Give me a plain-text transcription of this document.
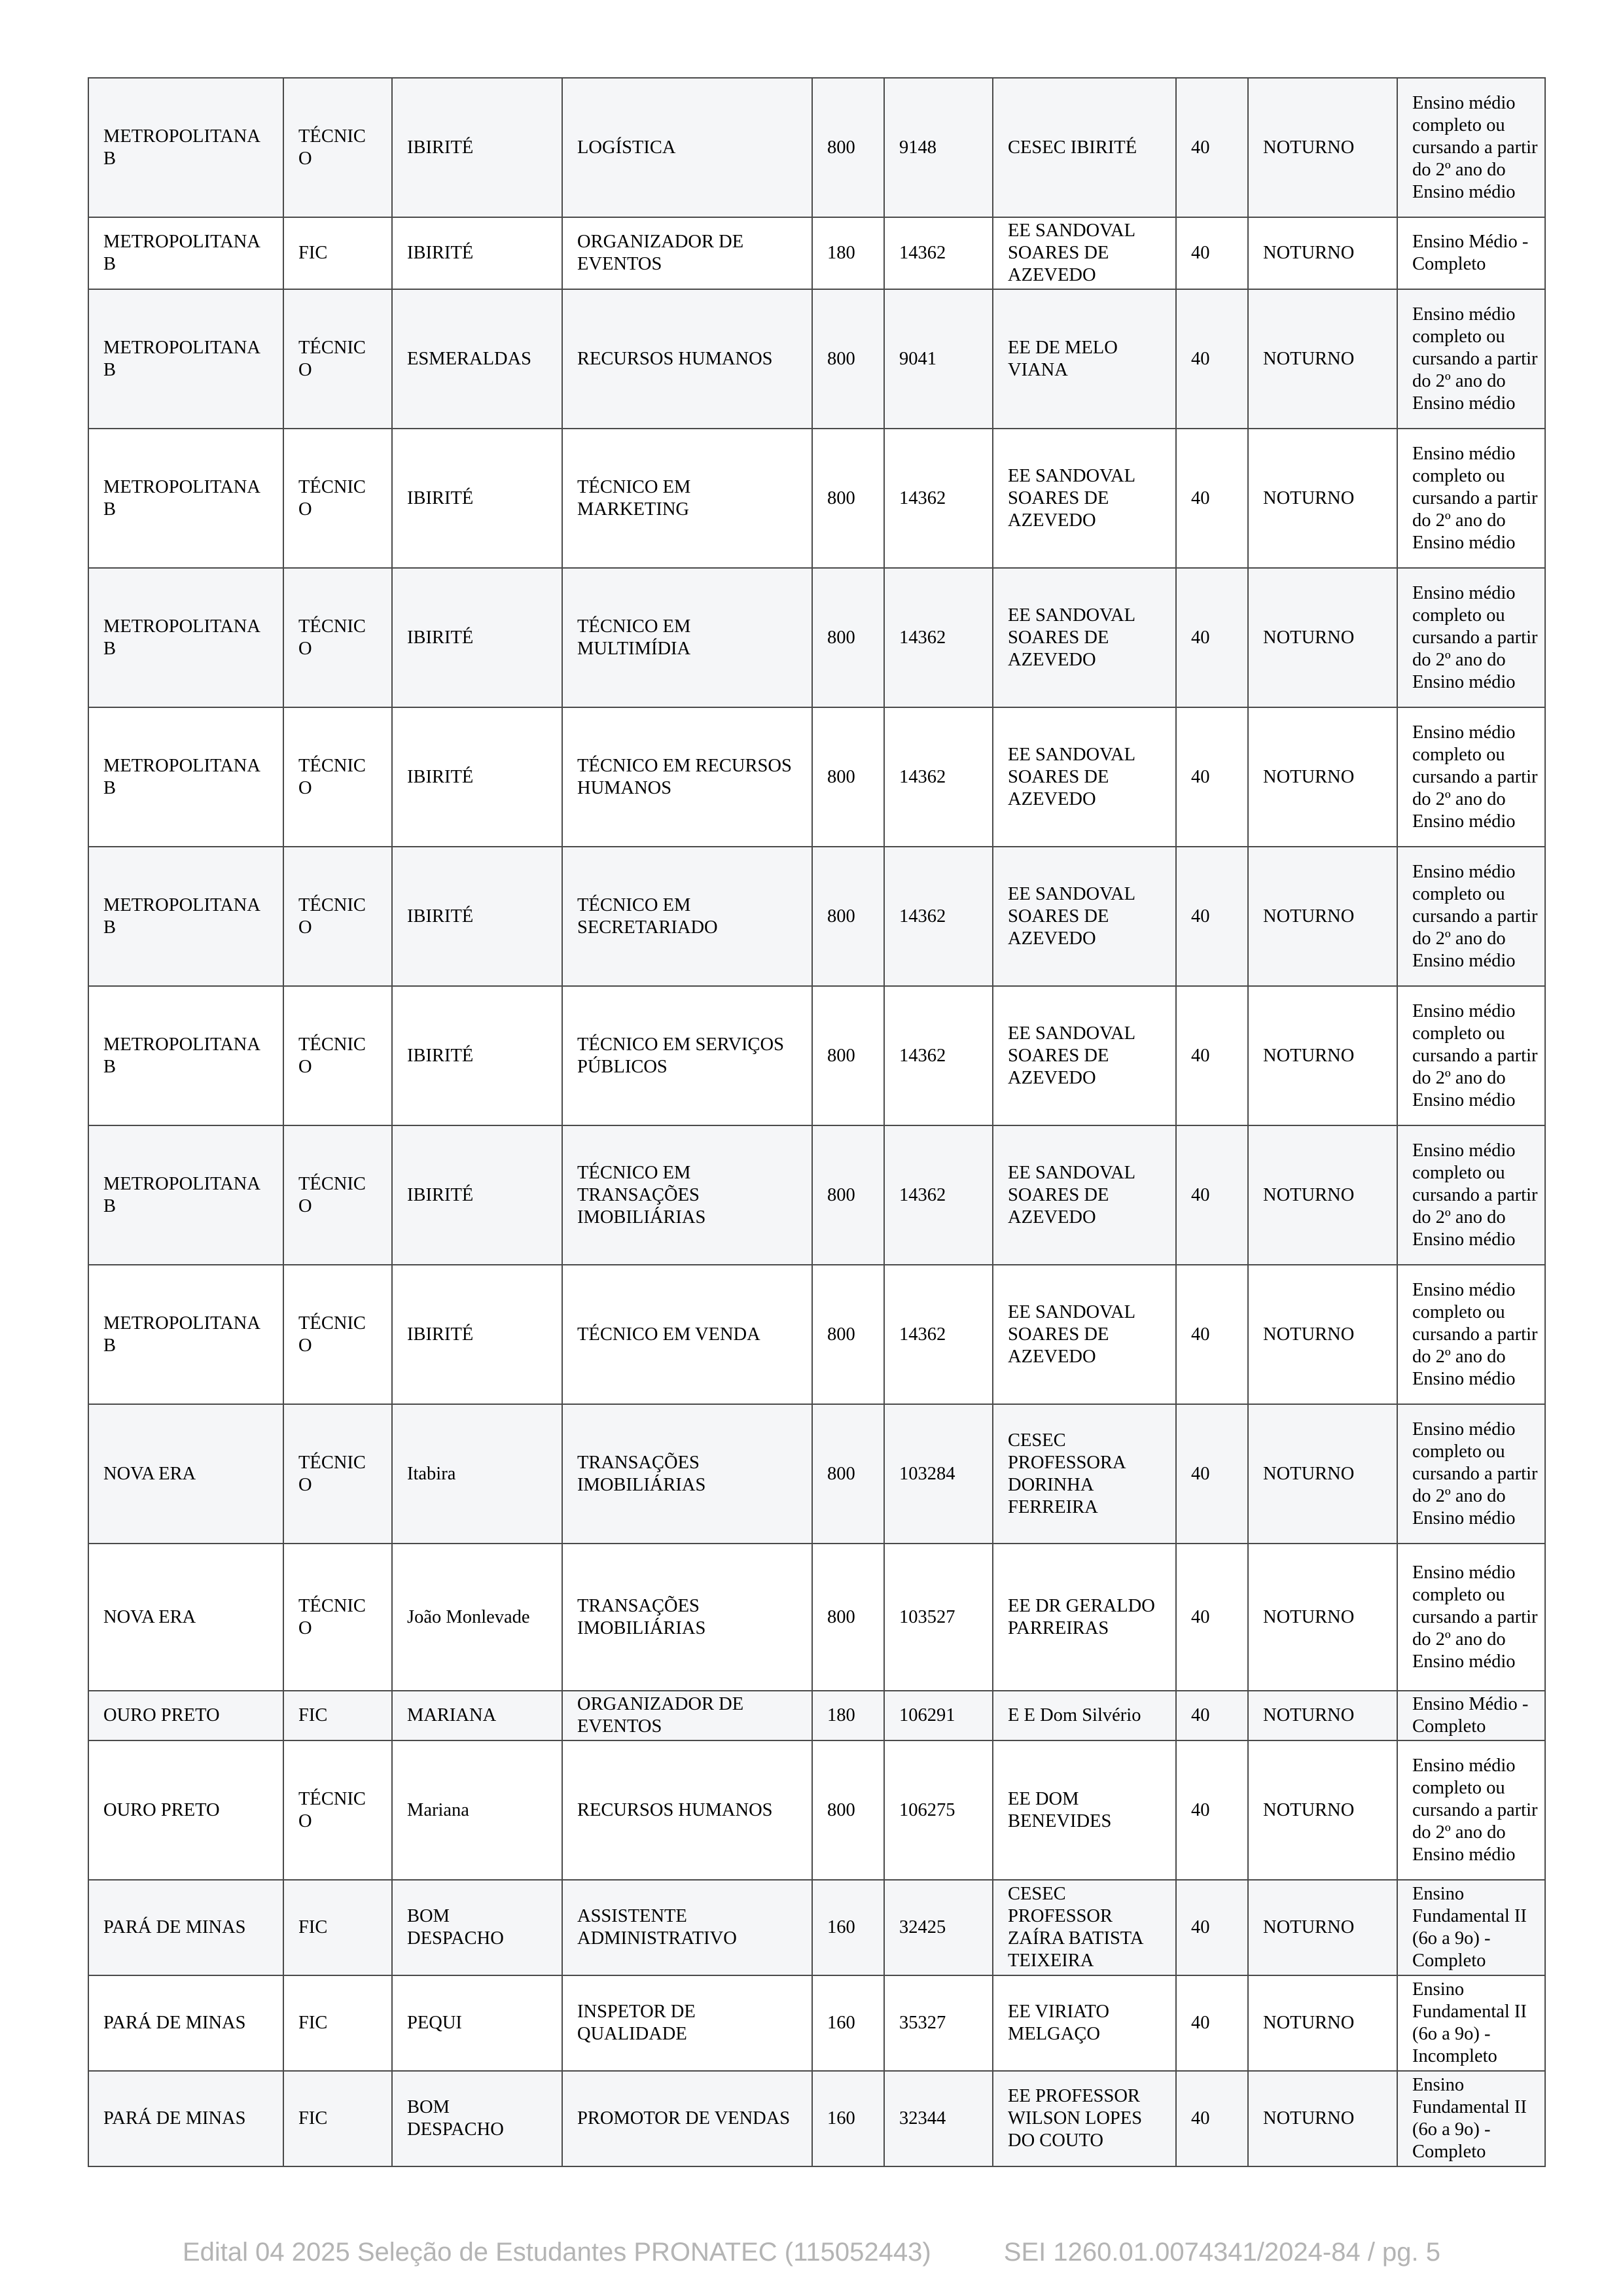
METROPOLITANA B	TÉCNICO	IBIRITÉ	LOGÍSTICA	800	9148	CESEC IBIRITÉ	40	NOTURNO	Ensino médio completo ou cursando a partir do 2º ano do Ensino médio
METROPOLITANA B	FIC	IBIRITÉ	ORGANIZADOR DE EVENTOS	180	14362	EE SANDOVAL SOARES DE AZEVEDO	40	NOTURNO	Ensino Médio - Completo
METROPOLITANA B	TÉCNICO	ESMERALDAS	RECURSOS HUMANOS	800	9041	EE DE MELO VIANA	40	NOTURNO	Ensino médio completo ou cursando a partir do 2º ano do Ensino médio
METROPOLITANA B	TÉCNICO	IBIRITÉ	TÉCNICO EM MARKETING	800	14362	EE SANDOVAL SOARES DE AZEVEDO	40	NOTURNO	Ensino médio completo ou cursando a partir do 2º ano do Ensino médio
METROPOLITANA B	TÉCNICO	IBIRITÉ	TÉCNICO EM MULTIMÍDIA	800	14362	EE SANDOVAL SOARES DE AZEVEDO	40	NOTURNO	Ensino médio completo ou cursando a partir do 2º ano do Ensino médio
METROPOLITANA B	TÉCNICO	IBIRITÉ	TÉCNICO EM RECURSOS HUMANOS	800	14362	EE SANDOVAL SOARES DE AZEVEDO	40	NOTURNO	Ensino médio completo ou cursando a partir do 2º ano do Ensino médio
METROPOLITANA B	TÉCNICO	IBIRITÉ	TÉCNICO EM SECRETARIADO	800	14362	EE SANDOVAL SOARES DE AZEVEDO	40	NOTURNO	Ensino médio completo ou cursando a partir do 2º ano do Ensino médio
METROPOLITANA B	TÉCNICO	IBIRITÉ	TÉCNICO EM SERVIÇOS PÚBLICOS	800	14362	EE SANDOVAL SOARES DE AZEVEDO	40	NOTURNO	Ensino médio completo ou cursando a partir do 2º ano do Ensino médio
METROPOLITANA B	TÉCNICO	IBIRITÉ	TÉCNICO EM TRANSAÇÕES IMOBILIÁRIAS	800	14362	EE SANDOVAL SOARES DE AZEVEDO	40	NOTURNO	Ensino médio completo ou cursando a partir do 2º ano do Ensino médio
METROPOLITANA B	TÉCNICO	IBIRITÉ	TÉCNICO EM VENDA	800	14362	EE SANDOVAL SOARES DE AZEVEDO	40	NOTURNO	Ensino médio completo ou cursando a partir do 2º ano do Ensino médio
NOVA ERA	TÉCNICO	Itabira	TRANSAÇÕES IMOBILIÁRIAS	800	103284	CESEC PROFESSORA DORINHA FERREIRA	40	NOTURNO	Ensino médio completo ou cursando a partir do 2º ano do Ensino médio
NOVA ERA	TÉCNICO	João Monlevade	TRANSAÇÕES IMOBILIÁRIAS	800	103527	EE DR GERALDO PARREIRAS	40	NOTURNO	Ensino médio completo ou cursando a partir do 2º ano do Ensino médio
OURO PRETO	FIC	MARIANA	ORGANIZADOR DE EVENTOS	180	106291	E E Dom Silvério	40	NOTURNO	Ensino Médio - Completo
OURO PRETO	TÉCNICO	Mariana	RECURSOS HUMANOS	800	106275	EE DOM BENEVIDES	40	NOTURNO	Ensino médio completo ou cursando a partir do 2º ano do Ensino médio
PARÁ DE MINAS	FIC	BOM DESPACHO	ASSISTENTE ADMINISTRATIVO	160	32425	CESEC PROFESSOR ZAÍRA BATISTA TEIXEIRA	40	NOTURNO	Ensino Fundamental II (6o a 9o) - Completo
PARÁ DE MINAS	FIC	PEQUI	INSPETOR DE QUALIDADE	160	35327	EE VIRIATO MELGAÇO	40	NOTURNO	Ensino Fundamental II (6o a 9o) - Incompleto
PARÁ DE MINAS	FIC	BOM DESPACHO	PROMOTOR DE VENDAS	160	32344	EE PROFESSOR WILSON LOPES DO COUTO	40	NOTURNO	Ensino Fundamental II (6o a 9o) - Completo
Edital 04 2025 Seleção de Estudantes PRONATEC (115052443)	SEI 1260.01.0074341/2024-84 / pg. 5
